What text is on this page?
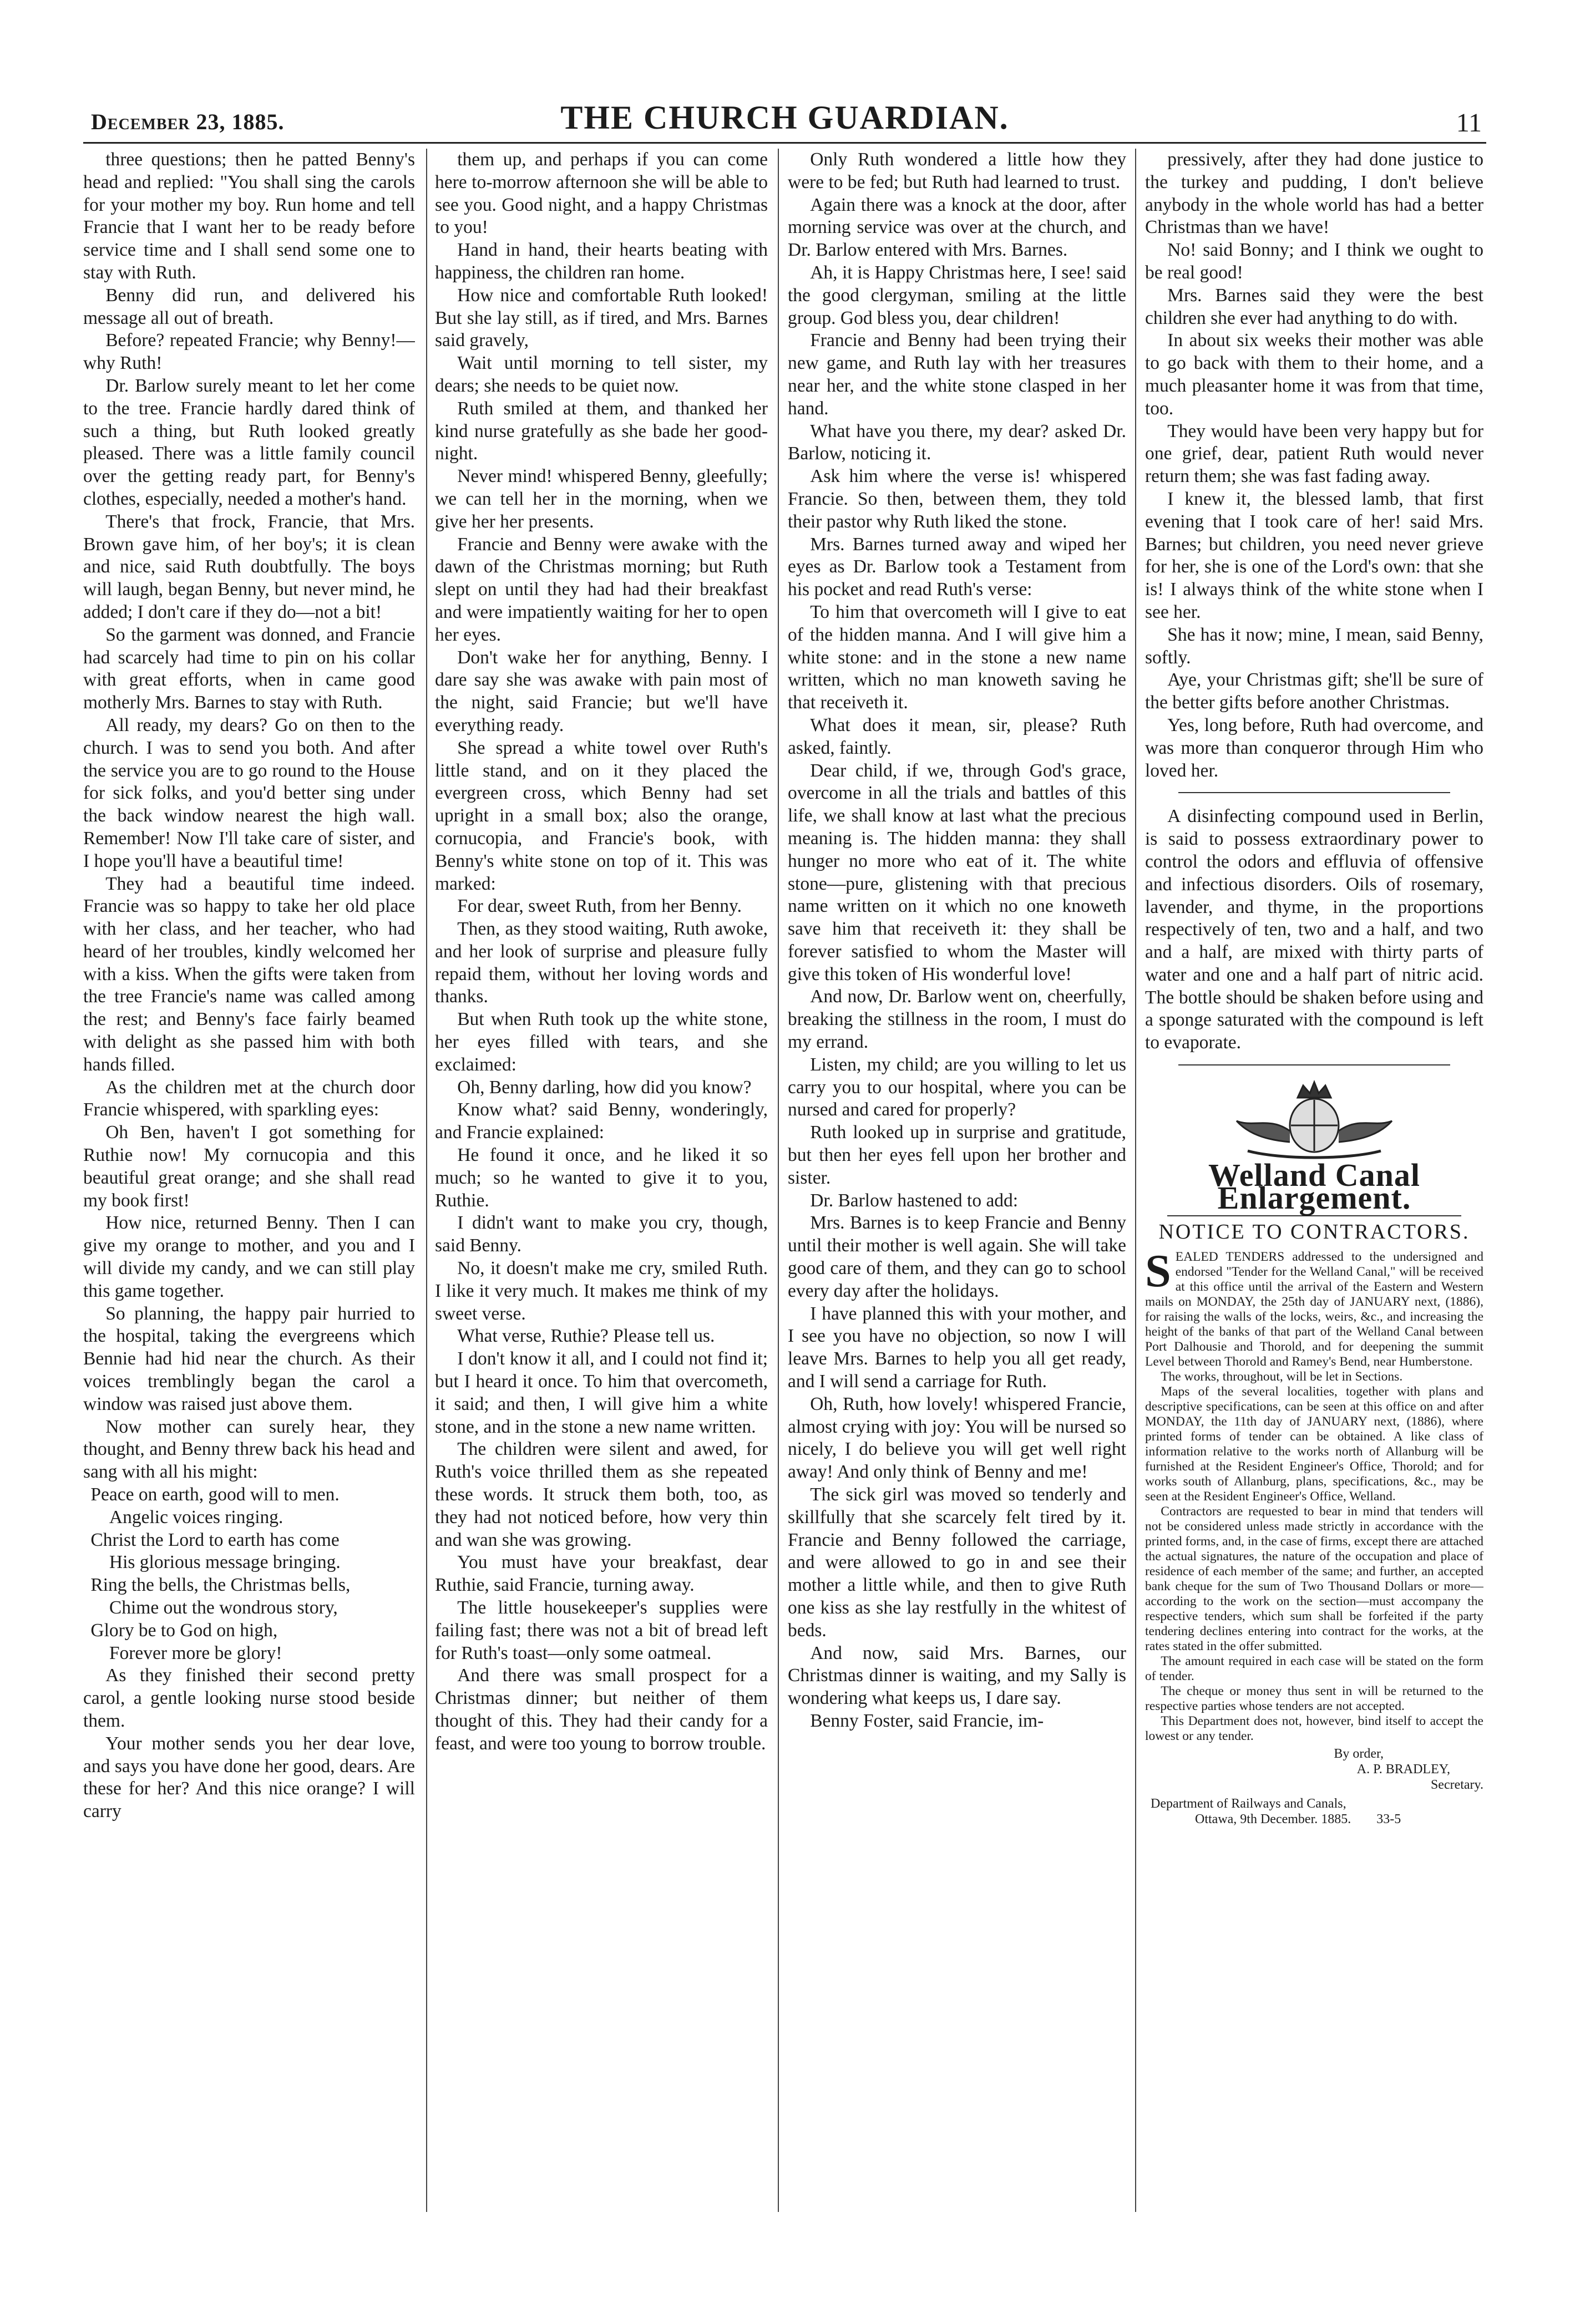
December 23, 1885.	THE CHURCH GUARDIAN.	11

three questions; then he patted Benny's head and replied: "You shall sing the carols for your mother my boy. Run home and tell Francie that I want her to be ready before service time and I shall send some one to stay with Ruth.

Benny did run, and delivered his message all out of breath.

Before? repeated Francie; why Benny!—why Ruth!

Dr. Barlow surely meant to let her come to the tree. Francie hardly dared think of such a thing, but Ruth looked greatly pleased. There was a little family council over the getting ready part, for Benny's clothes, especially, needed a mother's hand.

There's that frock, Francie, that Mrs. Brown gave him, of her boy's; it is clean and nice, said Ruth doubtfully. The boys will laugh, began Benny, but never mind, he added; I don't care if they do—not a bit!

So the garment was donned, and Francie had scarcely had time to pin on his collar with great efforts, when in came good motherly Mrs. Barnes to stay with Ruth.

All ready, my dears? Go on then to the church. I was to send you both. And after the service you are to go round to the House for sick folks, and you'd better sing under the back window nearest the high wall. Remember! Now I'll take care of sister, and I hope you'll have a beautiful time!

They had a beautiful time indeed. Francie was so happy to take her old place with her class, and her teacher, who had heard of her troubles, kindly welcomed her with a kiss. When the gifts were taken from the tree Francie's name was called among the rest; and Benny's face fairly beamed with delight as she passed him with both hands filled.

As the children met at the church door Francie whispered, with sparkling eyes:

Oh Ben, haven't I got something for Ruthie now! My cornucopia and this beautiful great orange; and she shall read my book first!

How nice, returned Benny. Then I can give my orange to mother, and you and I will divide my candy, and we can still play this game together.

So planning, the happy pair hurried to the hospital, taking the evergreens which Bennie had hid near the church. As their voices tremblingly began the carol a window was raised just above them.

Now mother can surely hear, they thought, and Benny threw back his head and sang with all his might:

Peace on earth, good will to men.
Angelic voices ringing.
Christ the Lord to earth has come
His glorious message bringing.
Ring the bells, the Christmas bells,
Chime out the wondrous story,
Glory be to God on high,
Forever more be glory!

As they finished their second pretty carol, a gentle looking nurse stood beside them.

Your mother sends you her dear love, and says you have done her good, dears. Are these for her? And this nice orange? I will carry

them up, and perhaps if you can come here to-morrow afternoon she will be able to see you. Good night, and a happy Christmas to you!

Hand in hand, their hearts beating with happiness, the children ran home.

How nice and comfortable Ruth looked! But she lay still, as if tired, and Mrs. Barnes said gravely,

Wait until morning to tell sister, my dears; she needs to be quiet now.

Ruth smiled at them, and thanked her kind nurse gratefully as she bade her good-night.

Never mind! whispered Benny, gleefully; we can tell her in the morning, when we give her her presents.

Francie and Benny were awake with the dawn of the Christmas morning; but Ruth slept on until they had had their breakfast and were impatiently waiting for her to open her eyes.

Don't wake her for anything, Benny. I dare say she was awake with pain most of the night, said Francie; but we'll have everything ready.

She spread a white towel over Ruth's little stand, and on it they placed the evergreen cross, which Benny had set upright in a small box; also the orange, cornucopia, and Francie's book, with Benny's white stone on top of it. This was marked:

For dear, sweet Ruth, from her Benny.

Then, as they stood waiting, Ruth awoke, and her look of surprise and pleasure fully repaid them, without her loving words and thanks.

But when Ruth took up the white stone, her eyes filled with tears, and she exclaimed:

Oh, Benny darling, how did you know?

Know what? said Benny, wonderingly, and Francie explained:

He found it once, and he liked it so much; so he wanted to give it to you, Ruthie.

I didn't want to make you cry, though, said Benny.

No, it doesn't make me cry, smiled Ruth. I like it very much. It makes me think of my sweet verse.

What verse, Ruthie? Please tell us.

I don't know it all, and I could not find it; but I heard it once. To him that overcometh, it said; and then, I will give him a white stone, and in the stone a new name written.

The children were silent and awed, for Ruth's voice thrilled them as she repeated these words. It struck them both, too, as they had not noticed before, how very thin and wan she was growing.

You must have your breakfast, dear Ruthie, said Francie, turning away.

The little housekeeper's supplies were failing fast; there was not a bit of bread left for Ruth's toast—only some oatmeal.

And there was small prospect for a Christmas dinner; but neither of them thought of this. They had their candy for a feast, and were too young to borrow trouble.

Only Ruth wondered a little how they were to be fed; but Ruth had learned to trust.

Again there was a knock at the door, after morning service was over at the church, and Dr. Barlow entered with Mrs. Barnes.

Ah, it is Happy Christmas here, I see! said the good clergyman, smiling at the little group. God bless you, dear children!

Francie and Benny had been trying their new game, and Ruth lay with her treasures near her, and the white stone clasped in her hand.

What have you there, my dear? asked Dr. Barlow, noticing it.

Ask him where the verse is! whispered Francie. So then, between them, they told their pastor why Ruth liked the stone.

Mrs. Barnes turned away and wiped her eyes as Dr. Barlow took a Testament from his pocket and read Ruth's verse:

To him that overcometh will I give to eat of the hidden manna. And I will give him a white stone: and in the stone a new name written, which no man knoweth saving he that receiveth it.

What does it mean, sir, please? Ruth asked, faintly.

Dear child, if we, through God's grace, overcome in all the trials and battles of this life, we shall know at last what the precious meaning is. The hidden manna: they shall hunger no more who eat of it. The white stone—pure, glistening with that precious name written on it which no one knoweth save him that receiveth it: they shall be forever satisfied to whom the Master will give this token of His wonderful love!

And now, Dr. Barlow went on, cheerfully, breaking the stillness in the room, I must do my errand.

Listen, my child; are you willing to let us carry you to our hospital, where you can be nursed and cared for properly?

Ruth looked up in surprise and gratitude, but then her eyes fell upon her brother and sister.

Dr. Barlow hastened to add:

Mrs. Barnes is to keep Francie and Benny until their mother is well again. She will take good care of them, and they can go to school every day after the holidays.

I have planned this with your mother, and I see you have no objection, so now I will leave Mrs. Barnes to help you all get ready, and I will send a carriage for Ruth.

Oh, Ruth, how lovely! whispered Francie, almost crying with joy: You will be nursed so nicely, I do believe you will get well right away! And only think of Benny and me!

The sick girl was moved so tenderly and skillfully that she scarcely felt tired by it. Francie and Benny followed the carriage, and were allowed to go in and see their mother a little while, and then to give Ruth one kiss as she lay restfully in the whitest of beds.

And now, said Mrs. Barnes, our Christmas dinner is waiting, and my Sally is wondering what keeps us, I dare say.

Benny Foster, said Francie, im-

pressively, after they had done justice to the turkey and pudding, I don't believe anybody in the whole world has had a better Christmas than we have!

No! said Bonny; and I think we ought to be real good!

Mrs. Barnes said they were the best children she ever had anything to do with.

In about six weeks their mother was able to go back with them to their home, and a much pleasanter home it was from that time, too.

They would have been very happy but for one grief, dear, patient Ruth would never return them; she was fast fading away.

I knew it, the blessed lamb, that first evening that I took care of her! said Mrs. Barnes; but children, you need never grieve for her, she is one of the Lord's own: that she is! I always think of the white stone when I see her.

She has it now; mine, I mean, said Benny, softly.

Aye, your Christmas gift; she'll be sure of the better gifts before another Christmas.

Yes, long before, Ruth had overcome, and was more than conqueror through Him who loved her.

A disinfecting compound used in Berlin, is said to possess extraordinary power to control the odors and effluvia of offensive and infectious disorders. Oils of rosemary, lavender, and thyme, in the proportions respectively of ten, two and a half, and two and a half, are mixed with thirty parts of water and one and a half part of nitric acid. The bottle should be shaken before using and a sponge saturated with the compound is left to evaporate.

Welland Canal Enlargement.
NOTICE TO CONTRACTORS.

SEALED TENDERS addressed to the undersigned and endorsed "Tender for the Welland Canal," will be received at this office until the arrival of the Eastern and Western mails on MONDAY, the 25th day of JANUARY next, (1886), for raising the walls of the locks, weirs, &c., and increasing the height of the banks of that part of the Welland Canal between Port Dalhousie and Thorold, and for deepening the summit Level between Thorold and Ramey's Bend, near Humberstone.

The works, throughout, will be let in Sections.

Maps of the several localities, together with plans and descriptive specifications, can be seen at this office on and after MONDAY, the 11th day of JANUARY next, (1886), where printed forms of tender can be obtained. A like class of information relative to the works north of Allanburg will be furnished at the Resident Engineer's Office, Thorold; and for works south of Allanburg, plans, specifications, &c., may be seen at the Resident Engineer's Office, Welland.

Contractors are requested to bear in mind that tenders will not be considered unless made strictly in accordance with the printed forms, and, in the case of firms, except there are attached the actual signatures, the nature of the occupation and place of residence of each member of the same; and further, an accepted bank cheque for the sum of Two Thousand Dollars or more—according to the work on the section—must accompany the respective tenders, which sum shall be forfeited if the party tendering declines entering into contract for the works, at the rates stated in the offer submitted.

The amount required in each case will be stated on the form of tender.

The cheque or money thus sent in will be returned to the respective parties whose tenders are not accepted.

This Department does not, however, bind itself to accept the lowest or any tender.

By order,
A. P. BRADLEY,
Secretary.
Department of Railways and Canals,
Ottawa, 9th December. 1885. 33-5
